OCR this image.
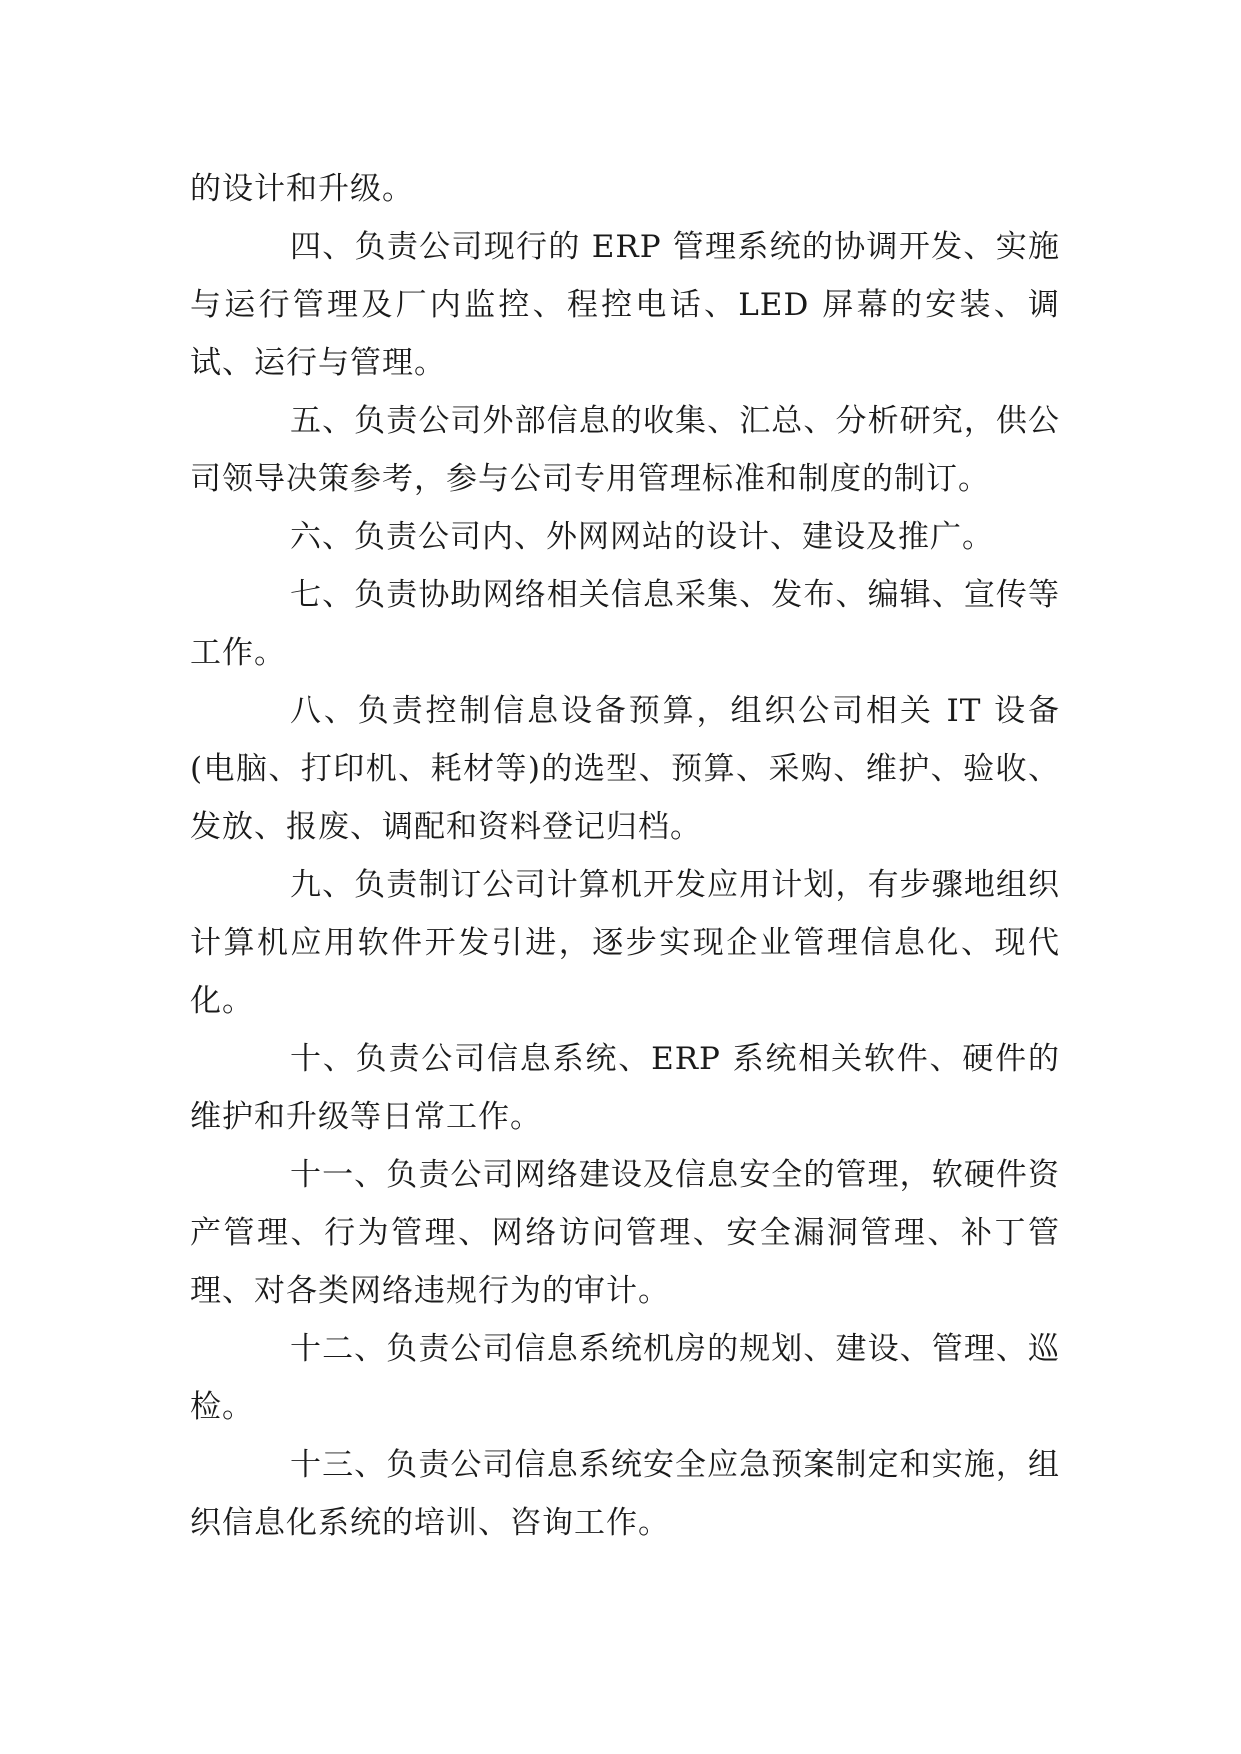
的设计和升级。

四、负责公司现行的 ERP 管理系统的协调开发、实施与运行管理及厂内监控、程控电话、LED 屏幕的安装、调试、运行与管理。

五、负责公司外部信息的收集、汇总、分析研究，供公司领导决策参考，参与公司专用管理标准和制度的制订。

六、负责公司内、外网网站的设计、建设及推广。

七、负责协助网络相关信息采集、发布、编辑、宣传等工作。

八、负责控制信息设备预算，组织公司相关 IT 设备(电脑、打印机、耗材等)的选型、预算、采购、维护、验收、发放、报废、调配和资料登记归档。

九、负责制订公司计算机开发应用计划，有步骤地组织计算机应用软件开发引进，逐步实现企业管理信息化、现代化。

十、负责公司信息系统、ERP 系统相关软件、硬件的维护和升级等日常工作。

十一、负责公司网络建设及信息安全的管理，软硬件资产管理、行为管理、网络访问管理、安全漏洞管理、补丁管理、对各类网络违规行为的审计。

十二、负责公司信息系统机房的规划、建设、管理、巡检。

十三、负责公司信息系统安全应急预案制定和实施，组织信息化系统的培训、咨询工作。
